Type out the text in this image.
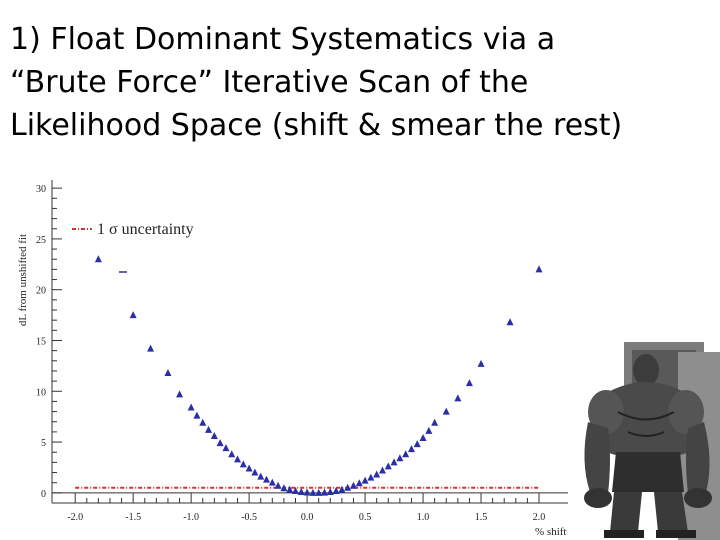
1) Float Dominant Systematics via a
“Brute Force” Iterative Scan of the
Likelihood Space (shift & smear the rest)
0
5
10
15
20
25
30
-2.0	-1.5	-1.0	-0.5	0.0	0.5	1.0	1.5	2.0
1 σ uncertainty
dL from unshifted fit
% shift
